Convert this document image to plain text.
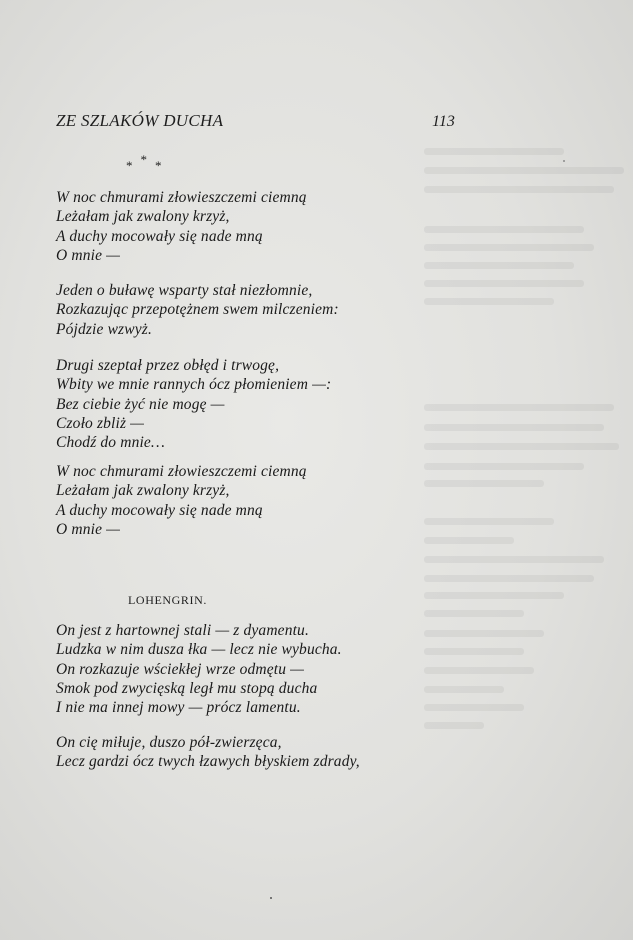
ZE SZLAKÓW DUCHA	113
***
W noc chmurami złowieszczemi ciemną
Leżałam jak zwalony krzyż,
A duchy mocowały się nade mną
O mnie —
Jeden o buławę wsparty stał niezłomnie,
Rozkazując przepotężnem swem milczeniem:
Pójdzie wzwyż.
Drugi szeptał przez obłęd i trwogę,
Wbity we mnie rannych ócz płomieniem —:
Bez ciebie żyć nie mogę —
Czoło zbliż —
Chodź do mnie…
W noc chmurami złowieszczemi ciemną
Leżałam jak zwalony krzyż,
A duchy mocowały się nade mną
O mnie —
LOHENGRIN.
On jest z hartownej stali — z dyamentu.
Ludzka w nim dusza łka — lecz nie wybucha.
On rozkazuje wściekłej wrze odmętu —
Smok pod zwycięską legł mu stopą ducha
I nie ma innej mowy — prócz lamentu.
On cię miłuje, duszo pół-zwierzęca,
Lecz gardzi ócz twych łzawych błyskiem zdrady,
